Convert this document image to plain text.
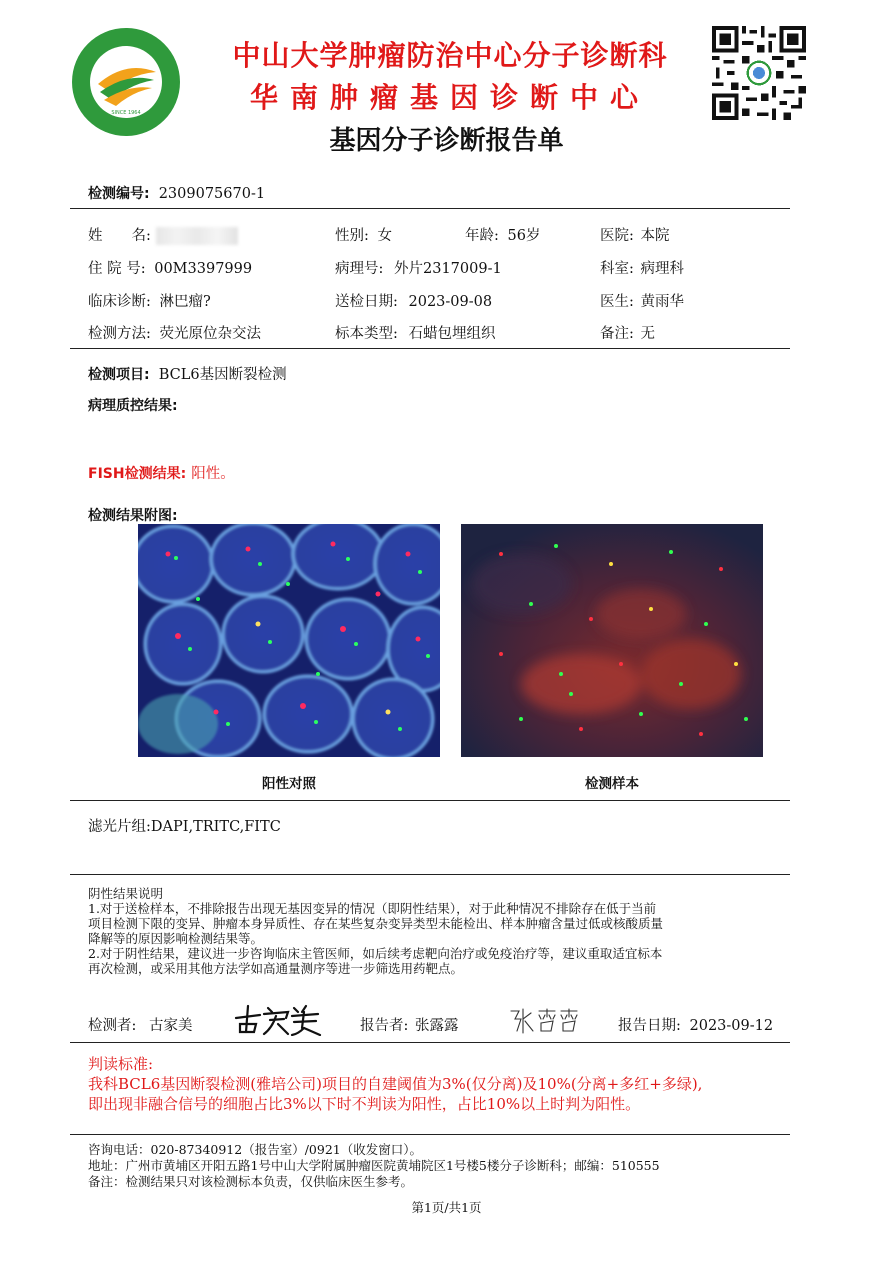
SINCE 1964
中山大学肿瘤防治中心分子诊断科
华南肿瘤基因诊断中心
基因分子诊断报告单
检测编号: 2309075670-1
姓　　名:	性别: 女	年龄: 56岁	医院: 本院
住 院 号: 00M3397999	病理号: 外片2317009-1	科室: 病理科
临床诊断: 淋巴瘤?	送检日期: 2023-09-08	医生: 黄雨华
检测方法: 荧光原位杂交法	标本类型: 石蜡包埋组织	备注: 无
检测项目: BCL6基因断裂检测
病理质控结果:
FISH检测结果: 阳性。
检测结果附图:
阳性对照	检测样本
滤光片组:DAPI,TRITC,FITC
阴性结果说明
1.对于送检样本，不排除报告出现无基因变异的情况（即阴性结果），对于此种情况不排除存在低于当前
项目检测下限的变异、肿瘤本身异质性、存在某些复杂变异类型未能检出、样本肿瘤含量过低或核酸质量
降解等的原因影响检测结果等。
2.对于阴性结果，建议进一步咨询临床主管医师，如后续考虑靶向治疗或免疫治疗等，建议重取适宜标本
再次检测，或采用其他方法学如高通量测序等进一步筛选用药靶点。
检测者: 古家美	报告者: 张露露	报告日期: 2023-09-12
判读标准:
我科BCL6基因断裂检测(雅培公司)项目的自建阈值为3%(仅分离)及10%(分离+多红+多绿),
即出现非融合信号的细胞占比3%以下时不判读为阳性，占比10%以上时判为阳性。
咨询电话：020-87340912（报告室）/0921（收发窗口）。
地址：广州市黄埔区开阳五路1号中山大学附属肿瘤医院黄埔院区1号楼5楼分子诊断科；邮编：510555
备注：检测结果只对该检测标本负责，仅供临床医生参考。
第1页/共1页
